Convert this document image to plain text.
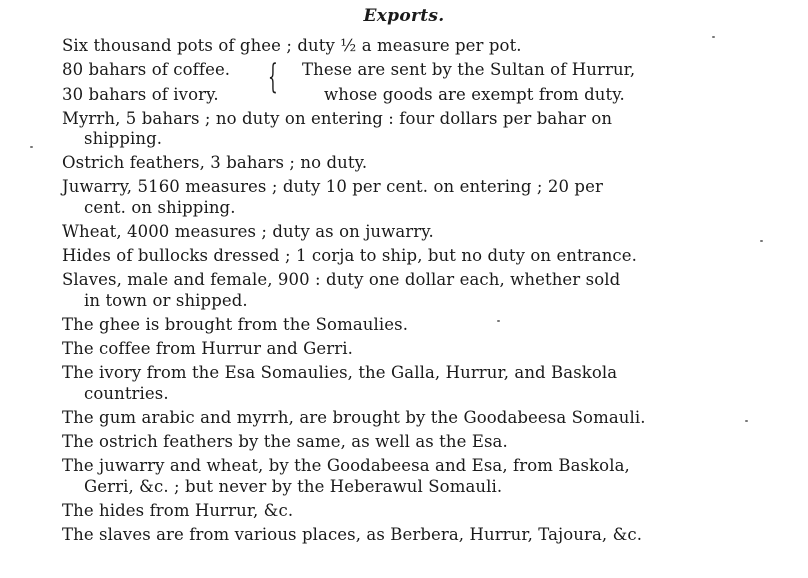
Exports.
Six thousand pots of ghee ; duty ½ a measure per pot.
80 bahars of coffee.
30 bahars of ivory. { These are sent by the Sultan of Hurrur,
whose goods are exempt from duty.
Myrrh, 5 bahars ; no duty on entering : four dollars per bahar on
shipping.
Ostrich feathers, 3 bahars ; no duty.
Juwarry, 5160 measures ; duty 10 per cent. on entering ; 20 per
cent. on shipping.
Wheat, 4000 measures ; duty as on juwarry.
Hides of bullocks dressed ; 1 corja to ship, but no duty on entrance.
Slaves, male and female, 900 : duty one dollar each, whether sold
in town or shipped.
The ghee is brought from the Somaulies.
The coffee from Hurrur and Gerri.
The ivory from the Esa Somaulies, the Galla, Hurrur, and Baskola
countries.
The gum arabic and myrrh, are brought by the Goodabeesa Somauli.
The ostrich feathers by the same, as well as the Esa.
The juwarry and wheat, by the Goodabeesa and Esa, from Baskola,
Gerri, &c. ; but never by the Heberawul Somauli.
The hides from Hurrur, &c.
The slaves are from various places, as Berbera, Hurrur, Tajoura, &c.
